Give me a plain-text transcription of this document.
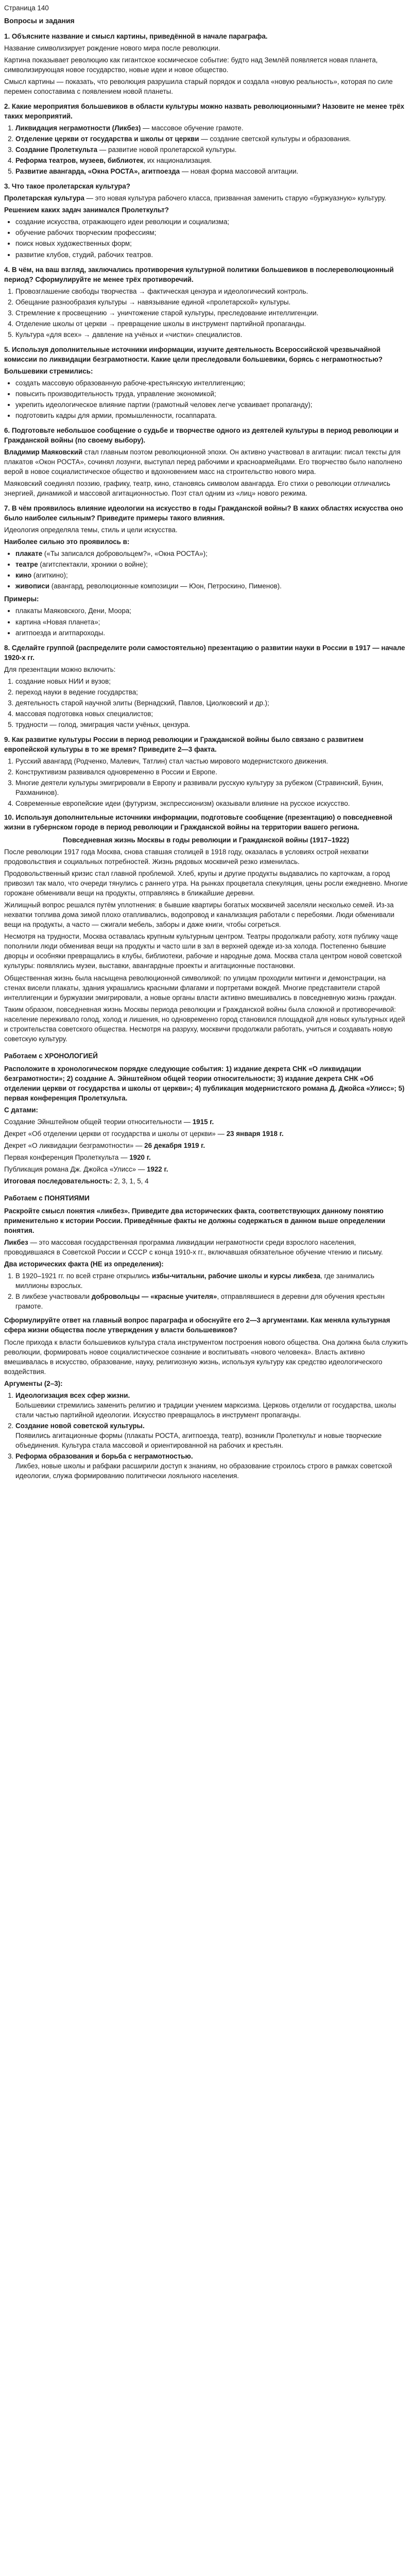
Страница 140
Вопросы и задания
1. Объясните название и смысл картины, приведённой в начале параграфа.

Название символизирует рождение нового мира после революции.

Картина показывает революцию как гигантское космическое событие: будто над Землёй появляется новая планета, символизирующая новое государство, новые идеи и новое общество.

Смысл картины — показать, что революция разрушила старый порядок и создала «новую реальность», которая по силе перемен сопоставима с появлением новой планеты.

2. Какие мероприятия большевиков в области культуры можно назвать революционными? Назовите не менее трёх таких мероприятий.
1. Ликвидация неграмотности (Ликбез) — массовое обучение грамоте.
2. Отделение церкви от государства и школы от церкви — создание светской культуры и образования.
3. Создание Пролеткульта — развитие новой пролетарской культуры.
4. Реформа театров, музеев, библиотек, их национализация.
5. Развитие авангарда, «Окна РОСТА», агитпоезда — новая форма массовой агитации.
3. Что такое пролетарская культура?

Пролетарская культура — это новая культура рабочего класса, призванная заменить старую «буржуазную» культуру.

Решением каких задач занимался Пролеткульт?

• создание искусства, отражающего идеи революции и социализма;
• обучение рабочих творческим профессиям;
• поиск новых художественных форм;
• развитие клубов, студий, рабочих театров.
4. В чём, на ваш взгляд, заключались противоречия культурной политики большевиков в послереволюционный период? Сформулируйте не менее трёх противоречий.
1. Провозглашение свободы творчества → фактическая цензура и идеологический контроль.
2. Обещание разнообразия культуры → навязывание единой «пролетарской» культуры.
3. Стремление к просвещению → уничтожение старой культуры, преследование интеллигенции.
4. Отделение школы от церкви → превращение школы в инструмент партийной пропаганды.
5. Культура «для всех» → давление на учёных и «чистки» специалистов.
5. Используя дополнительные источники информации, изучите деятельность Всероссийской чрезвычайной комиссии по ликвидации безграмотности. Какие цели преследовали большевики, борясь с неграмотностью?

Большевики стремились:

• создать массовую образованную рабоче-крестьянскую интеллигенцию;
• повысить производительность труда, управление экономикой;
• укрепить идеологическое влияние партии (грамотный человек легче усваивает пропаганду);
• подготовить кадры для армии, промышленности, госаппарата.
6. Подготовьте небольшое сообщение о судьбе и творчестве одного из деятелей культуры в период революции и Гражданской войны (по своему выбору).

Владимир Маяковский стал главным поэтом революционной эпохи. Он активно участвовал в агитации: писал тексты для плакатов «Окон РОСТА», сочинял лозунги, выступал перед рабочими и красноармейцами. Его творчество было наполнено верой в новое социалистическое общество и вдохновением масс на строительство нового мира.

Маяковский соединял поэзию, графику, театр, кино, становясь символом авангарда. Его стихи о революции отличались энергией, динамикой и массовой агитационностью. Поэт стал одним из «лиц» нового режима.

7. В чём проявилось влияние идеологии на искусство в годы Гражданской войны? В каких областях искусства оно было наиболее сильным? Приведите примеры такого влияния.

Идеология определяла темы, стиль и цели искусства.

Наиболее сильно это проявилось в:

• плакате («Ты записался добровольцем?», «Окна РОСТА»);
• театре (агитспектакли, хроники о войне);
• кино (агиткино);
• живописи (авангард, революционные композиции — Юон, Петроскино, Пименов).

Примеры:

• плакаты Маяковского, Дени, Моора;
• картина «Новая планета»;
• агитпоезда и агитпароходы.
8. Сделайте группой (распределите роли самостоятельно) презентацию о развитии науки в России в 1917 — начале 1920-х гг.

Для презентации можно включить:

1. создание новых НИИ и вузов;
2. переход науки в ведение государства;
3. деятельность старой научной элиты (Вернадский, Павлов, Циолковский и др.);
4. массовая подготовка новых специалистов;
5. трудности — голод, эмиграция части учёных, цензура.
9. Как развитие культуры России в период революции и Гражданской войны было связано с развитием европейской культуры в то же время? Приведите 2—3 факта.
1. Русский авангард (Родченко, Малевич, Татлин) стал частью мирового модернистского движения.
2. Конструктивизм развивался одновременно в России и Европе.
3. Многие деятели культуры эмигрировали в Европу и развивали русскую культуру за рубежом (Стравинский, Бунин, Рахманинов).
4. Современные европейские идеи (футуризм, экспрессионизм) оказывали влияние на русское искусство.
10. Используя дополнительные источники информации, подготовьте сообщение (презентацию) о повседневной жизни в губернском городе в период революции и Гражданской войны на территории вашего региона.
Повседневная жизнь Москвы в годы революции и Гражданской войны (1917–1922)

После революции 1917 года Москва, снова ставшая столицей в 1918 году, оказалась в условиях острой нехватки продовольствия и социальных потребностей. Жизнь рядовых москвичей резко изменилась.

Продовольственный кризис стал главной проблемой. Хлеб, крупы и другие продукты выдавались по карточкам, а город привозил так мало, что очереди тянулись с раннего утра. На рынках процветала спекуляция, цены росли ежедневно. Многие горожане обменивали вещи на продукты, отправляясь в ближайшие деревни.

Жилищный вопрос решался путём уплотнения: в бывшие квартиры богатых москвичей заселяли несколько семей. Из-за нехватки топлива дома зимой плохо отапливались, водопровод и канализация работали с перебоями. Люди обменивали вещи на продукты, а часто — сжигали мебель, заборы и даже книги, чтобы согреться.

Несмотря на трудности, Москва оставалась крупным культурным центром. Театры продолжали работу, хотя публику чаще пополнили люди обменивая вещи на продукты и часто шли в зал в верхней одежде из-за холода. Постепенно бывшие дворцы и особняки превращались в клубы, библиотеки, рабочие и народные дома. Москва стала центром новой советской культуры: появлялись музеи, выставки, авангардные проекты и агитационные постановки.

Общественная жизнь была насыщена революционной символикой: по улицам проходили митинги и демонстрации, на стенах висели плакаты, здания украшались красными флагами и портретами вождей. Многие представители старой интеллигенции и буржуазии эмигрировали, а новые органы власти активно вмешивались в повседневную жизнь граждан.

Таким образом, повседневная жизнь Москвы периода революции и Гражданской войны была сложной и противоречивой: население переживало голод, холод и лишения, но одновременно город становился площадкой для новых культурных идей и строительства советского общества. Несмотря на разруху, москвичи продолжали работать, учиться и создавать новую советскую культуру.

Работаем с ХРОНОЛОГИЕЙ

Расположите в хронологическом порядке следующие события: 1) издание декрета СНК «О ликвидации безграмотности»; 2) создание А. Эйнштейном общей теории относительности; 3) издание декрета СНК «Об отделении церкви от государства и школы от церкви»; 4) публикация модернистского романа Д. Джойса «Улисс»; 5) первая конференция Пролеткульта.

С датами:

Создание Эйнштейном общей теории относительности — 1915 г.

Декрет «Об отделении церкви от государства и школы от церкви» — 23 января 1918 г.

Декрет «О ликвидации безграмотности» — 26 декабря 1919 г.

Первая конференция Пролеткульта — 1920 г.

Публикация романа Дж. Джойса «Улисс» — 1922 г.

Итоговая последовательность: 2, 3, 1, 5, 4

Работаем с ПОНЯТИЯМИ

Раскройте смысл понятия «ликбез». Приведите два исторических факта, соответствующих данному понятию применительно к истории России. Приведённые факты не должны содержаться в данном выше определении понятия.

Ликбез — это массовая государственная программа ликвидации неграмотности среди взрослого населения, проводившаяся в Советской России и СССР с конца 1910-х гг., включавшая обязательное обучение чтению и письму.

Два исторических факта (НЕ из определения):

1. В 1920–1921 гг. по всей стране открылись избы-читальни, рабочие школы и курсы ликбеза, где занимались миллионы взрослых.
2. В ликбезе участвовали добровольцы — «красные учителя», отправлявшиеся в деревни для обучения крестьян грамоте.
Сформулируйте ответ на главный вопрос параграфа и обоснуйте его 2—3 аргументами. Как меняла культурная сфера жизни общества после утверждения у власти большевиков?

После прихода к власти большевиков культура стала инструментом построения нового общества. Она должна была служить революции, формировать новое социалистическое сознание и воспитывать «нового человека». Власть активно вмешивалась в искусство, образование, науку, религиозную жизнь, используя культуру как средство идеологического воздействия.

Аргументы (2–3):

1. Идеологизация всех сфер жизни.
Большевики стремились заменить религию и традиции учением марксизма. Церковь отделили от государства, школы стали частью партийной идеологии. Искусство превращалось в инструмент пропаганды.
2. Создание новой советской культуры.
Появились агитационные формы (плакаты РОСТА, агитпоезда, театр), возникли Пролеткульт и новые творческие объединения. Культура стала массовой и ориентированной на рабочих и крестьян.
3. Реформа образования и борьба с неграмотностью.
Ликбез, новые школы и рабфаки расширили доступ к знаниям, но образование строилось строго в рамках советской идеологии, служа формированию политически лояльного населения.
